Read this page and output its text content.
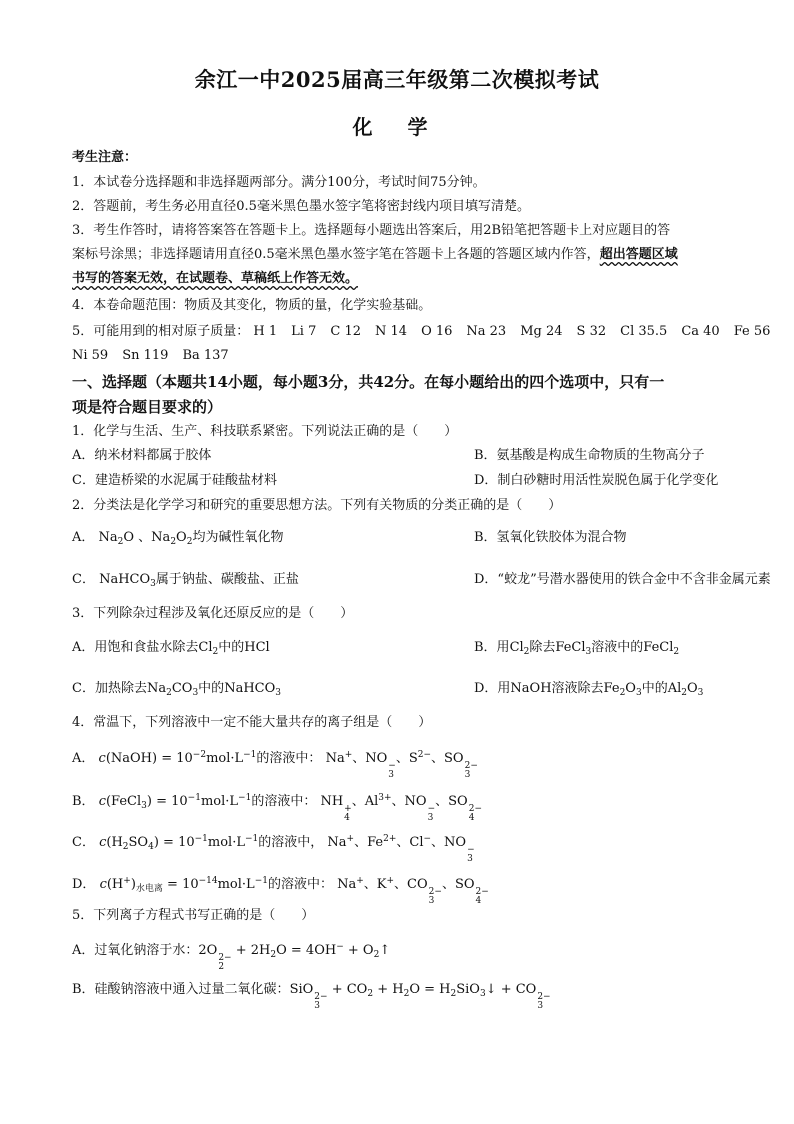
余江一中2025届高三年级第二次模拟考试
化 学
考生注意：
1．本试卷分选择题和非选择题两部分。满分100分，考试时间75分钟。
2．答题前，考生务必用直径0.5毫米黑色墨水签字笔将密封线内项目填写清楚。
3．考生作答时，请将答案答在答题卡上。选择题每小题选出答案后，用2B铅笔把答题卡上对应题目的答
案标号涂黑；非选择题请用直径0.5毫米黑色墨水签字笔在答题卡上各题的答题区域内作答，超出答题区域
书写的答案无效，在试题卷、草稿纸上作答无效。
4．本卷命题范围：物质及其变化，物质的量，化学实验基础。
5．可能用到的相对原子质量： H 1 Li 7 C 12 N 14 O 16 Na 23 Mg 24 S 32 Cl 35.5 Ca 40 Fe 56
Ni 59 Sn 119 Ba 137
一、选择题（本题共14小题，每小题3分，共42分。在每小题给出的四个选项中，只有一
项是符合题目要求的）
1．化学与生活、生产、科技联系紧密。下列说法正确的是（　　）
A．纳米材料都属于胶体	B．氨基酸是构成生命物质的生物高分子
C．建造桥梁的水泥属于硅酸盐材料	D．制白砂糖时用活性炭脱色属于化学变化
2．分类法是化学学习和研究的重要思想方法。下列有关物质的分类正确的是（　　）
A． $Na_2O$ 、$Na_2O_2$均为碱性氧化物	B．氢氧化铁胶体为混合物
C． NaHCO$_3$属于钠盐、碳酸盐、正盐	D．“蛟龙”号潜水器使用的铁合金中不含非金属元素
3．下列除杂过程涉及氧化还原反应的是（　　）
A．用饱和食盐水除去$Cl_2$中的HCl	B．用$Cl_2$除去FeCl$_3$溶液中的FeCl$_2$
C．加热除去$Na_2CO_3$中的NaHCO$_3$	D．用NaOH溶液除去$Fe_2O_3$中的$Al_2O_3$
4．常温下，下列溶液中一定不能大量共存的离子组是（　　）
A． c(NaOH) = $10^{-2}mol\cdot L^{-1}$的溶液中： Na+、NO −
3
、$S^{2-}$、SO 2−
3
B． c(FeCl$_3$) = $10^{-1}mol\cdot L^{-1}$的溶液中： NH +
4
、$Al^{3+}$、NO −
3
、SO 2−
4
C． $c(H_2SO_4) = 10^{-1}mol\cdot L^{-1}$的溶液中， Na+、$Fe^{2+}$、Cl−、NO −
3
D． $c(H^+)_{水电离} = 10^{-14}mol\cdot L^{-1}$的溶液中： Na+、K+、CO 2−
3
、SO 2−
4
5．下列离子方程式书写正确的是（　　）
A．过氧化钠溶于水：2O 2−
2
+ $2H_2O = 4OH^-$ + $O_2↑$
B．硅酸钠溶液中通入过量二氧化碳：SiO 2−
3
+ $CO_2 + H_2O$ = $H_2SiO_3↓$ + CO 2−
3
